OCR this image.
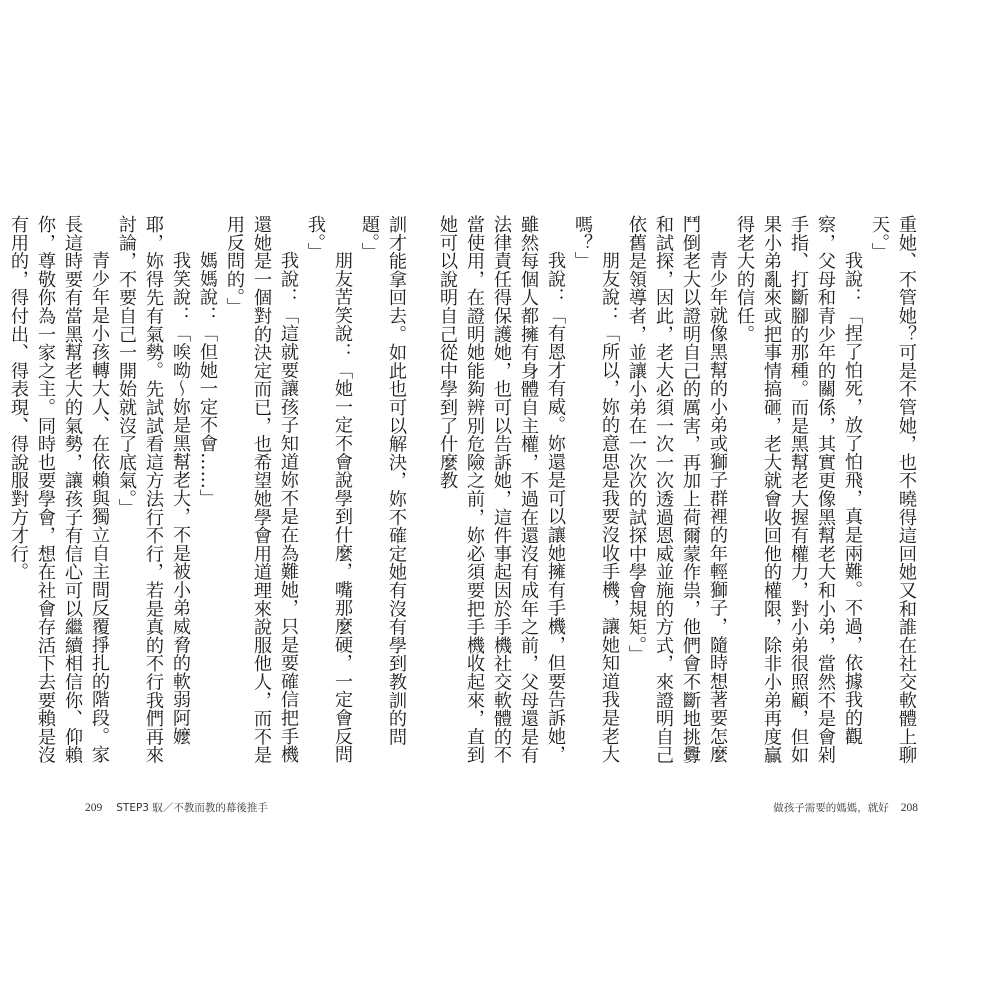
重她、不管她？可是不管她，也不曉得這回她又和誰在社交軟體上聊天。」

我說：「捏了怕死，放了怕飛，真是兩難。不過，依據我的觀察，父母和青少年的關係，其實更像黑幫老大和小弟，當然不是會剁手指、打斷腳的那種。而是黑幫老大握有權力，對小弟很照顧，但如果小弟亂來或把事情搞砸，老大就會收回他的權限，除非小弟再度贏得老大的信任。

青少年就像黑幫的小弟或獅子群裡的年輕獅子，隨時想著要怎麼鬥倒老大以證明自己的厲害，再加上荷爾蒙作祟，他們會不斷地挑釁和試探，因此，老大必須一次一次透過恩威並施的方式，來證明自己依舊是領導者，並讓小弟在一次次的試探中學會規矩。」

朋友說：「所以，妳的意思是我要沒收手機，讓她知道我是老大嗎？」

我說：「有恩才有威。妳還是可以讓她擁有手機，但要告訴她，雖然每個人都擁有身體自主權，不過在還沒有成年之前，父母還是有法律責任得保護她，也可以告訴她，這件事起因於手機社交軟體的不當使用，在證明她能夠辨別危險之前，妳必須要把手機收起來，直到她可以說明自己從中學到了什麼教

訓才能拿回去。如此也可以解決，妳不確定她有沒有學到教訓的問題。」

朋友苦笑說：「她一定不會說學到什麼，嘴那麼硬，一定會反問我。」

我說：「這就要讓孩子知道妳不是在為難她，只是要確信把手機還她是一個對的決定而已，也希望她學會用道理來說服他人，而不是用反問的。」

媽媽說：「但她一定不會……」

我笑說：「唉呦～妳是黑幫老大，不是被小弟威脅的軟弱阿嬤耶，妳得先有氣勢。先試試看這方法行不行，若是真的不行我們再來討論，不要自己一開始就沒了底氣。」

青少年是小孩轉大人、在依賴與獨立自主間反覆掙扎的階段。家長這時要有當黑幫老大的氣勢，讓孩子有信心可以繼續相信你、仰賴你，尊敬你為一家之主。同時也要學會，想在社會存活下去要賴是沒有用的，得付出、得表現、得說服對方才行。

209 STEP3 馭／不教而教的幕後推手	做孩子需要的媽媽，就好 208
